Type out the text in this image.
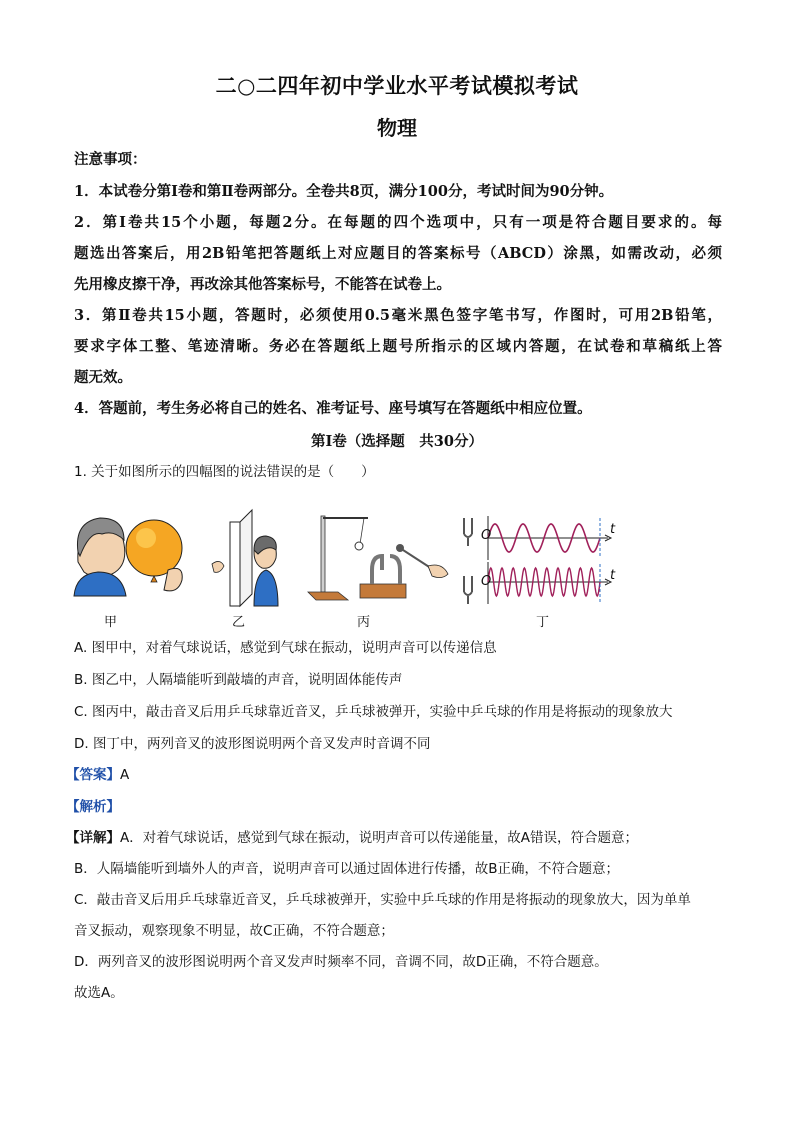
二○二四年初中学业水平考试模拟考试
物理
注意事项：
1．本试卷分第Ⅰ卷和第Ⅱ卷两部分。全卷共8页，满分100分，考试时间为90分钟。
2．第Ⅰ卷共15个小题，每题2分。在每题的四个选项中，只有一项是符合题目要求的。每
题选出答案后，用2B铅笔把答题纸上对应题目的答案标号（ABCD）涂黑，如需改动，必须
先用橡皮擦干净，再改涂其他答案标号，不能答在试卷上。
3．第Ⅱ卷共15小题，答题时，必须使用0.5毫米黑色签字笔书写，作图时，可用2B铅笔，
要求字体工整、笔迹清晰。务必在答题纸上题号所指示的区域内答题，在试卷和草稿纸上答
题无效。
4．答题前，考生务必将自己的姓名、准考证号、座号填写在答题纸中相应位置。
第Ⅰ卷（选择题　共30分）
1. 关于如图所示的四幅图的说法错误的是（　　）
O	t
O	t
甲	乙	丙	丁
A. 图甲中，对着气球说话，感觉到气球在振动，说明声音可以传递信息
B. 图乙中，人隔墙能听到敲墙的声音，说明固体能传声
C. 图丙中，敲击音叉后用乒乓球靠近音叉，乒乓球被弹开，实验中乒乓球的作用是将振动的现象放大
D. 图丁中，两列音叉的波形图说明两个音叉发声时音调不同
【答案】A
【解析】
【详解】A．对着气球说话，感觉到气球在振动，说明声音可以传递能量，故A错误，符合题意；
B．人隔墙能听到墙外人的声音，说明声音可以通过固体进行传播，故B正确，不符合题意；
C．敲击音叉后用乒乓球靠近音叉，乒乓球被弹开，实验中乒乓球的作用是将振动的现象放大，因为单单
音叉振动，观察现象不明显，故C正确，不符合题意；
D．两列音叉的波形图说明两个音叉发声时频率不同，音调不同，故D正确，不符合题意。
故选A。
